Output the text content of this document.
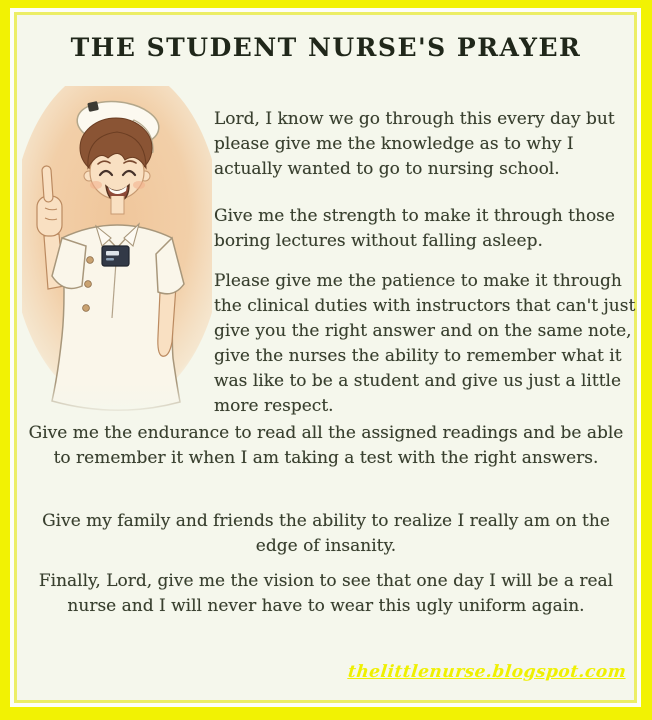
THE STUDENT NURSE'S PRAYER

Lord, I know we go through this every day but please give me the knowledge as to why I actually wanted to go to nursing school.

Give me the strength to make it through those boring lectures without falling asleep.

Please give me the patience to make it through the clinical duties with instructors that can't just give you the right answer and on the same note, give the nurses the ability to remember what it was like to be a student and give us just a little more respect.

Give me the endurance to read all the assigned readings and be able to remember it when I am taking a test with the right answers.

Give my family and friends the ability to realize I really am on the edge of insanity.

Finally, Lord, give me the vision to see that one day I will be a real nurse and I will never have to wear this ugly uniform again.

thelittlenurse.blogspot.com
